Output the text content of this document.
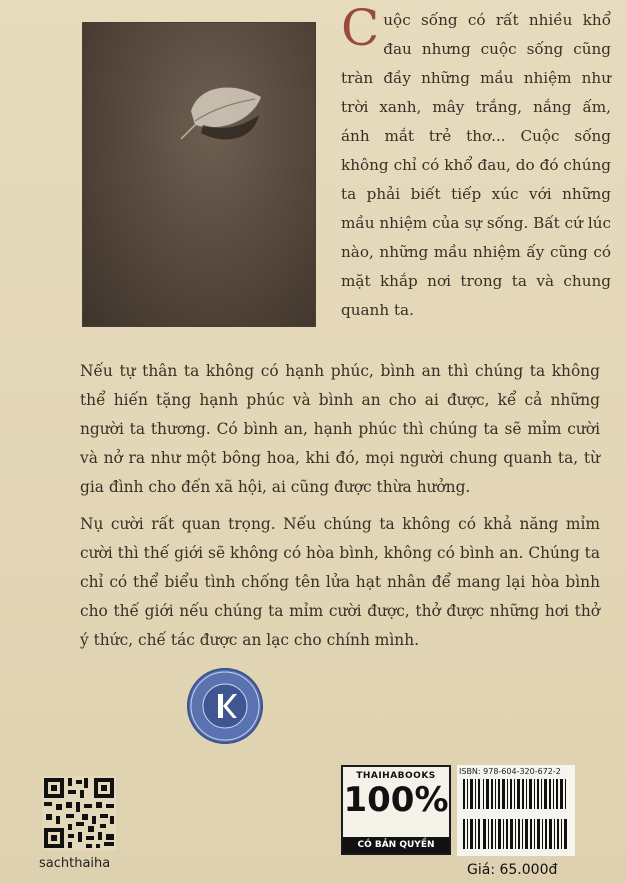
Cuộc sống có rất nhiều khổ đau nhưng cuộc sống cũng tràn đầy những mầu nhiệm như trời xanh, mây trắng, nắng ấm, ánh mắt trẻ thơ... Cuộc sống không chỉ có khổ đau, do đó chúng ta phải biết tiếp xúc với những mầu nhiệm của sự sống. Bất cứ lúc nào, những mầu nhiệm ấy cũng có mặt khắp nơi trong ta và chung quanh ta.

Nếu tự thân ta không có hạnh phúc, bình an thì chúng ta không thể hiến tặng hạnh phúc và bình an cho ai được, kể cả những người ta thương. Có bình an, hạnh phúc thì chúng ta sẽ mỉm cười và nở ra như một bông hoa, khi đó, mọi người chung quanh ta, từ gia đình cho đến xã hội, ai cũng được thừa hưởng.

Nụ cười rất quan trọng. Nếu chúng ta không có khả năng mỉm cười thì thế giới sẽ không có hòa bình, không có bình an. Chúng ta chỉ có thể biểu tình chống tên lửa hạt nhân để mang lại hòa bình cho thế giới nếu chúng ta mỉm cười được, thở được những hơi thở ý thức, chế tác được an lạc cho chính mình.

sachthaiha
THAIHABOOKS
100%
CÓ BẢN QUYỀN
ISBN: 978-604-320-672-2
Giá: 65.000đ
